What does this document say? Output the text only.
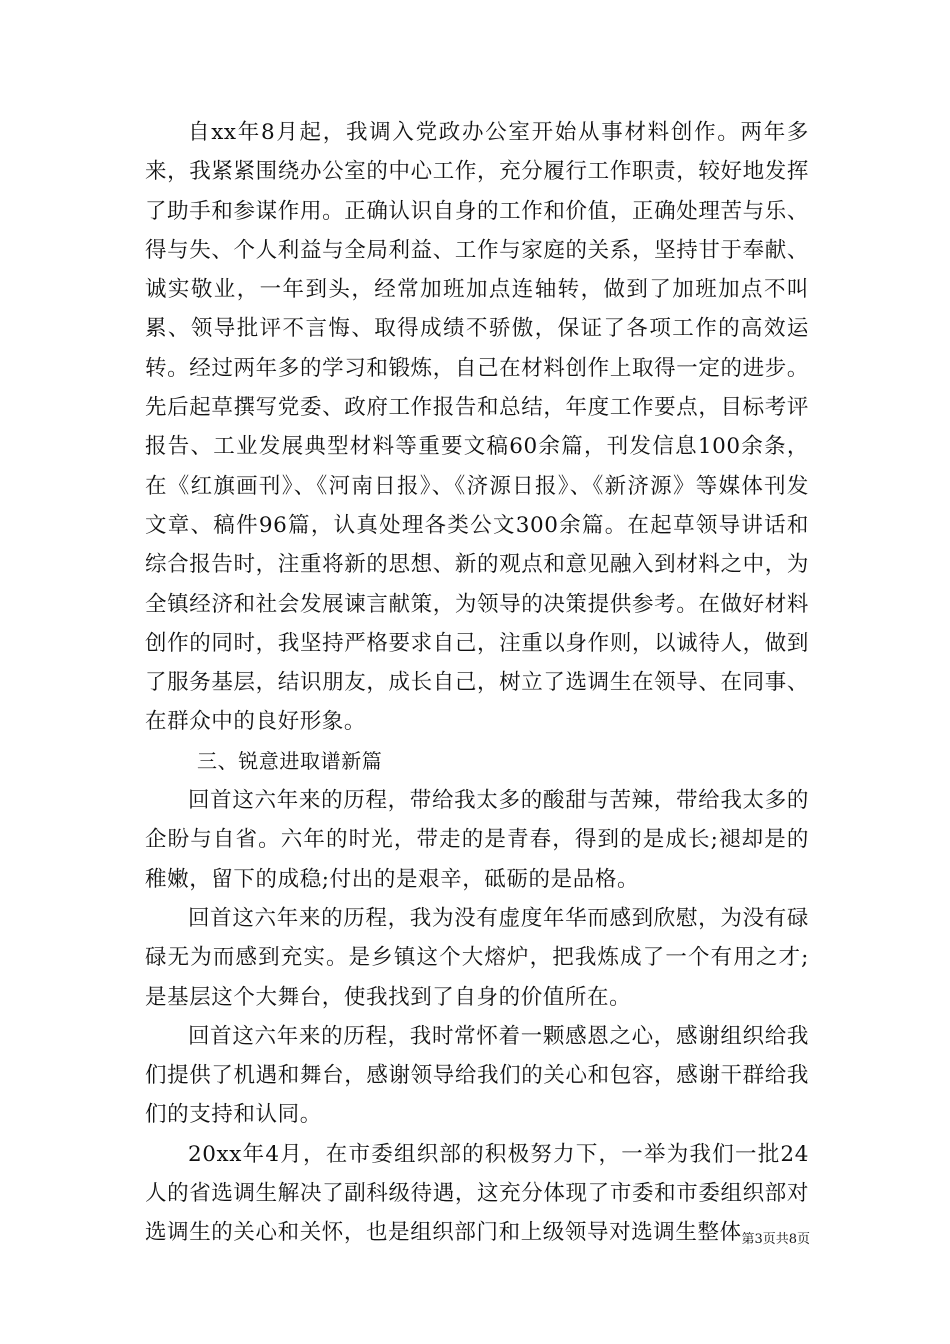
自xx年8月起，我调入党政办公室开始从事材料创作。两年多来，我紧紧围绕办公室的中心工作，充分履行工作职责，较好地发挥了助手和参谋作用。正确认识自身的工作和价值，正确处理苦与乐、得与失、个人利益与全局利益、工作与家庭的关系，坚持甘于奉献、诚实敬业，一年到头，经常加班加点连轴转，做到了加班加点不叫累、领导批评不言悔、取得成绩不骄傲，保证了各项工作的高效运转。经过两年多的学习和锻炼，自己在材料创作上取得一定的进步。先后起草撰写党委、政府工作报告和总结，年度工作要点，目标考评报告、工业发展典型材料等重要文稿60余篇，刊发信息100余条，在《红旗画刊》、《河南日报》、《济源日报》、《新济源》等媒体刊发文章、稿件96篇，认真处理各类公文300余篇。在起草领导讲话和综合报告时，注重将新的思想、新的观点和意见融入到材料之中，为全镇经济和社会发展谏言献策，为领导的决策提供参考。在做好材料创作的同时，我坚持严格要求自己，注重以身作则，以诚待人，做到了服务基层，结识朋友，成长自己，树立了选调生在领导、在同事、在群众中的良好形象。

三、锐意进取谱新篇

回首这六年来的历程，带给我太多的酸甜与苦辣，带给我太多的企盼与自省。六年的时光，带走的是青春，得到的是成长;褪却是的稚嫩，留下的成稳;付出的是艰辛，砥砺的是品格。

回首这六年来的历程，我为没有虚度年华而感到欣慰，为没有碌碌无为而感到充实。是乡镇这个大熔炉，把我炼成了一个有用之才;是基层这个大舞台，使我找到了自身的价值所在。

回首这六年来的历程，我时常怀着一颗感恩之心，感谢组织给我们提供了机遇和舞台，感谢领导给我们的关心和包容，感谢干群给我们的支持和认同。

20xx年4月，在市委组织部的积极努力下，一举为我们一批24人的省选调生解决了副科级待遇，这充分体现了市委和市委组织部对选调生的关心和关怀，也是组织部门和上级领导对选调生整体 第3页共8页
